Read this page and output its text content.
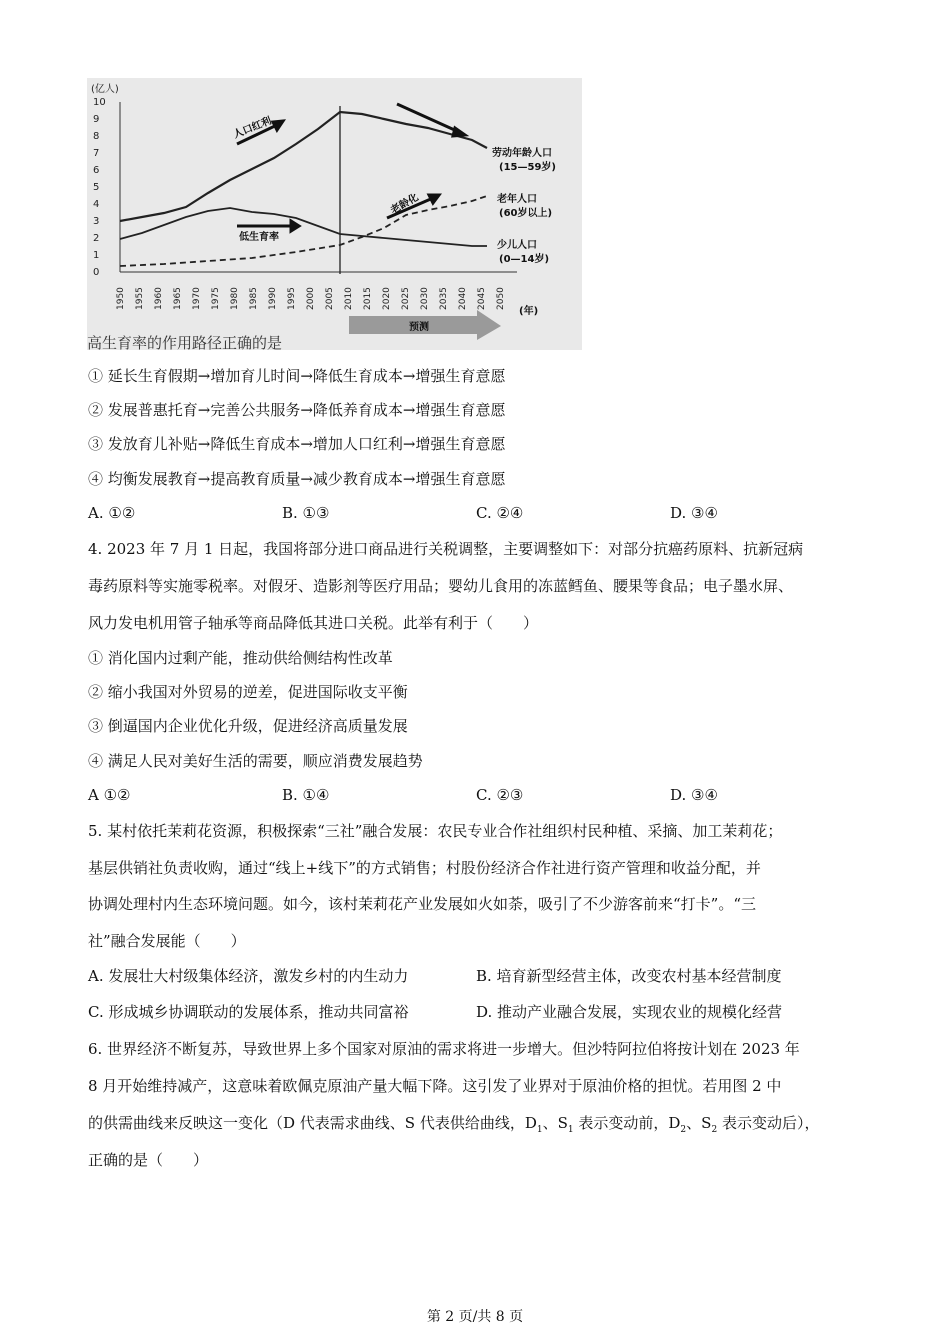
(亿人)
0
1
2
3
4
5
6
7
8
9
10
1950 1955 1960 1965 1970 1975 1980 1985 1990 1995 2000 2005 2010 2015 2020 2025 2030 2035 2040 2045 2050
人口红利
低生育率
老龄化
劳动年龄人口
(15—59岁)
老年人口
(60岁以上)
少儿人口
(0—14岁)
(年)
预测
高生育率的作用路径正确的是
① 延长生育假期→增加育儿时间→降低生育成本→增强生育意愿
② 发展普惠托育→完善公共服务→降低养育成本→增强生育意愿
③ 发放育儿补贴→降低生育成本→增加人口红利→增强生育意愿
④ 均衡发展教育→提高教育质量→减少教育成本→增强生育意愿
A. ①②	B. ①③	C. ②④	D. ③④
4. 2023 年 7 月 1 日起，我国将部分进口商品进行关税调整，主要调整如下：对部分抗癌药原料、抗新冠病
毒药原料等实施零税率。对假牙、造影剂等医疗用品；婴幼儿食用的冻蓝鳕鱼、腰果等食品；电子墨水屏、
风力发电机用管子轴承等商品降低其进口关税。此举有利于（　　）
① 消化国内过剩产能，推动供给侧结构性改革
② 缩小我国对外贸易的逆差，促进国际收支平衡
③ 倒逼国内企业优化升级，促进经济高质量发展
④ 满足人民对美好生活的需要，顺应消费发展趋势
A ①②	B. ①④	C. ②③	D. ③④
5. 某村依托茉莉花资源，积极探索“三社”融合发展：农民专业合作社组织村民种植、采摘、加工茉莉花；
基层供销社负责收购，通过“线上+线下”的方式销售；村股份经济合作社进行资产管理和收益分配，并
协调处理村内生态环境问题。如今，该村茉莉花产业发展如火如荼，吸引了不少游客前来“打卡”。“三
社”融合发展能（　　）
A. 发展壮大村级集体经济，激发乡村的内生动力	B. 培育新型经营主体，改变农村基本经营制度
C. 形成城乡协调联动的发展体系，推动共同富裕	D. 推动产业融合发展，实现农业的规模化经营
6. 世界经济不断复苏，导致世界上多个国家对原油的需求将进一步增大。但沙特阿拉伯将按计划在 2023 年
8 月开始维持减产，这意味着欧佩克原油产量大幅下降。这引发了业界对于原油价格的担忧。若用图 2 中
的供需曲线来反映这一变化（D 代表需求曲线、S 代表供给曲线，$D_1$、$S_1$ 表示变动前，$D_2$、$S_2$ 表示变动后），
正确的是（　　）
第 2 页/共 8 页
